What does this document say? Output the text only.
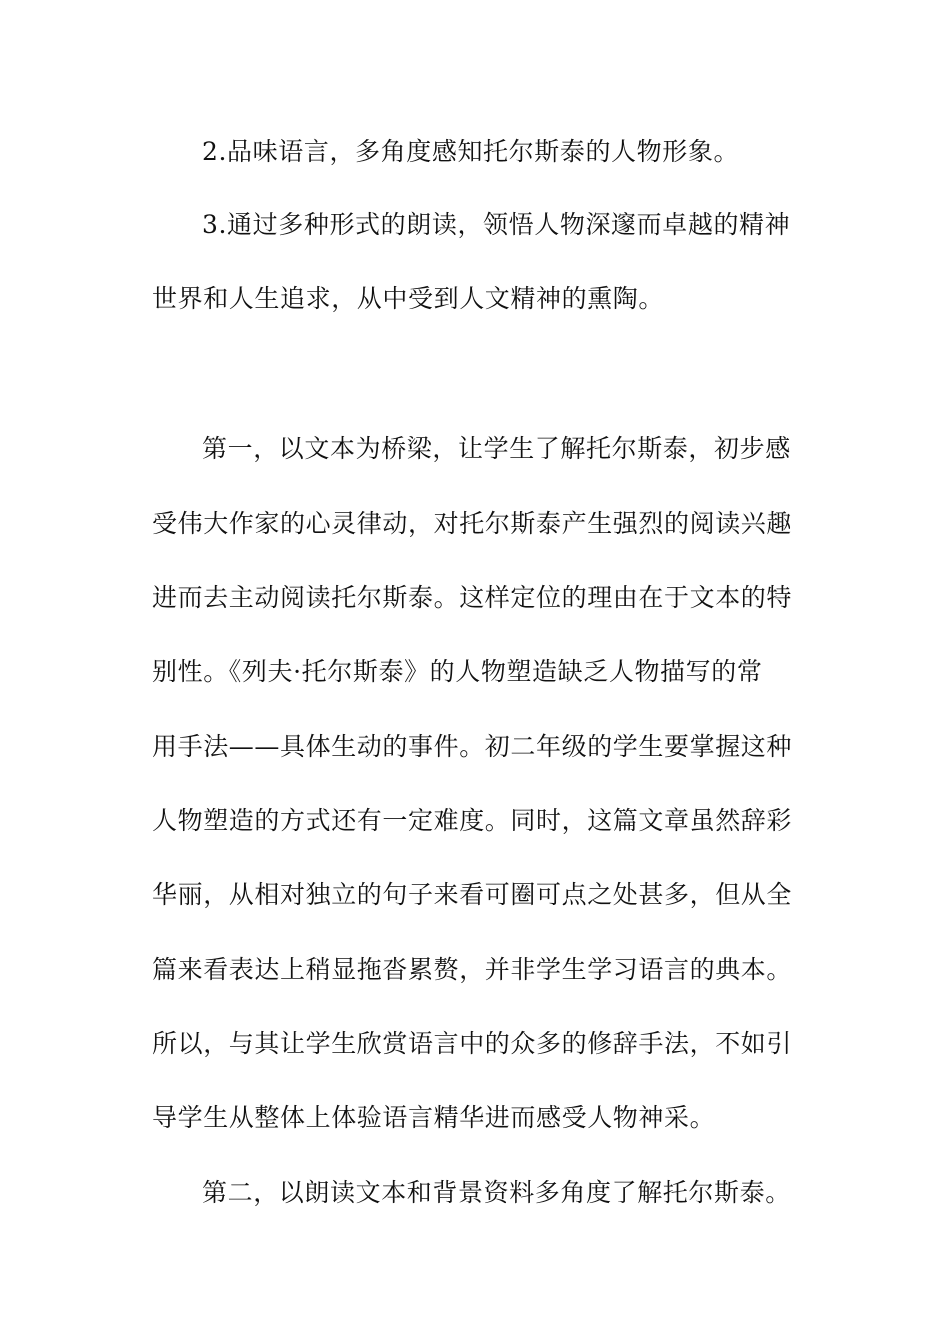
2.品味语言，多角度感知托尔斯泰的人物形象。
3.通过多种形式的朗读，领悟人物深邃而卓越的精神
世界和人生追求，从中受到人文精神的熏陶。
第一，以文本为桥梁，让学生了解托尔斯泰，初步感
受伟大作家的心灵律动，对托尔斯泰产生强烈的阅读兴趣
进而去主动阅读托尔斯泰。这样定位的理由在于文本的特
别性。《列夫·托尔斯泰》的人物塑造缺乏人物描写的常
用手法——具体生动的事件。初二年级的学生要掌握这种
人物塑造的方式还有一定难度。同时，这篇文章虽然辞彩
华丽，从相对独立的句子来看可圈可点之处甚多，但从全
篇来看表达上稍显拖沓累赘，并非学生学习语言的典本。
所以，与其让学生欣赏语言中的众多的修辞手法，不如引
导学生从整体上体验语言精华进而感受人物神采。
第二，以朗读文本和背景资料多角度了解托尔斯泰。
